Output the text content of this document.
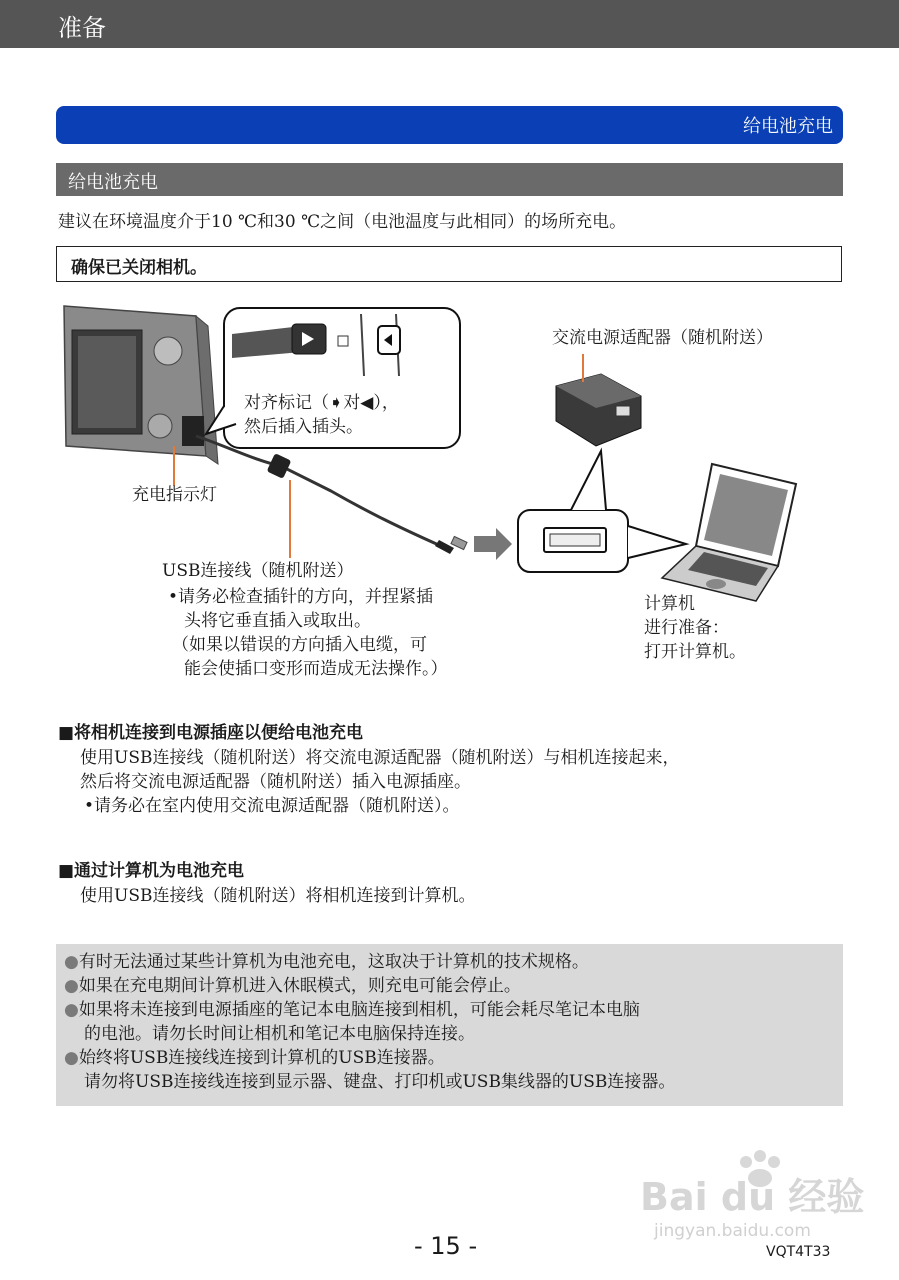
准备
给电池充电
给电池充电
建议在环境温度介于10 ℃和30 ℃之间（电池温度与此相同）的场所充电。
确保已关闭相机。
交流电源适配器（随机附送）
对齐标记（➧对◀），
然后插入插头。
充电指示灯
USB连接线（随机附送）
•请务必检查插针的方向，并捏紧插
头将它垂直插入或取出。
（如果以错误的方向插入电缆，可
能会使插口变形而造成无法操作。）
计算机
进行准备：
打开计算机。
■将相机连接到电源插座以便给电池充电
使用USB连接线（随机附送）将交流电源适配器（随机附送）与相机连接起来，
然后将交流电源适配器（随机附送）插入电源插座。
•请务必在室内使用交流电源适配器（随机附送）。
■通过计算机为电池充电
使用USB连接线（随机附送）将相机连接到计算机。
●有时无法通过某些计算机为电池充电，这取决于计算机的技术规格。
●如果在充电期间计算机进入休眠模式，则充电可能会停止。
●如果将未连接到电源插座的笔记本电脑连接到相机，可能会耗尽笔记本电脑
的电池。请勿长时间让相机和笔记本电脑保持连接。
●始终将USB连接线连接到计算机的USB连接器。
请勿将USB连接线连接到显示器、键盘、打印机或USB集线器的USB连接器。
Bai du 经验
jingyan.baidu.com
- 15 -	VQT4T33
